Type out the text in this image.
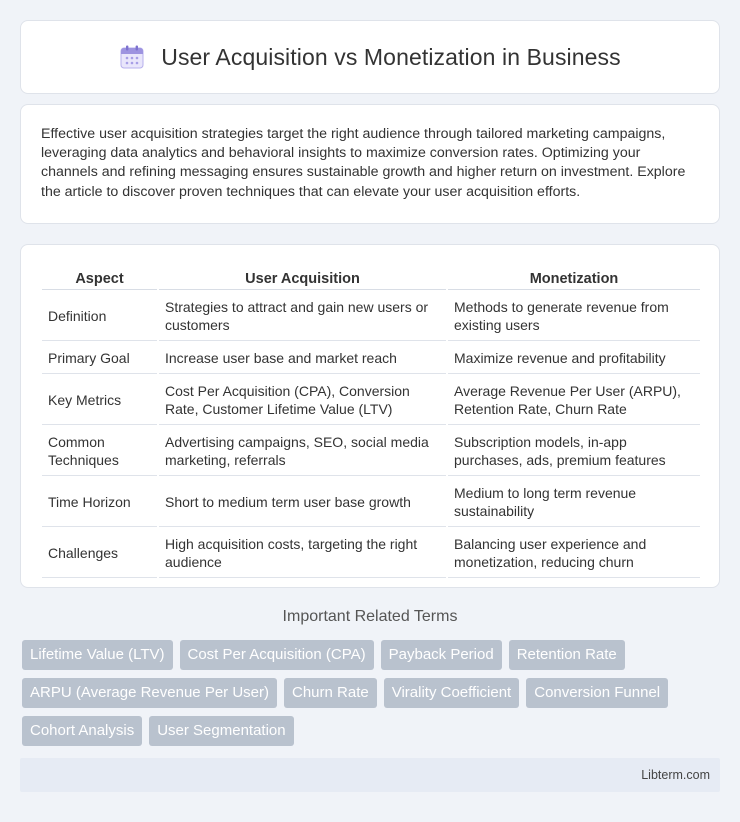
User Acquisition vs Monetization in Business

Effective user acquisition strategies target the right audience through tailored marketing campaigns, leveraging data analytics and behavioral insights to maximize conversion rates. Optimizing your channels and refining messaging ensures sustainable growth and higher return on investment. Explore the article to discover proven techniques that can elevate your user acquisition efforts.

Aspect	User Acquisition	Monetization
Definition	Strategies to attract and gain new users or customers	Methods to generate revenue from existing users
Primary Goal	Increase user base and market reach	Maximize revenue and profitability
Key Metrics	Cost Per Acquisition (CPA), Conversion Rate, Customer Lifetime Value (LTV)	Average Revenue Per User (ARPU), Retention Rate, Churn Rate
Common Techniques	Advertising campaigns, SEO, social media marketing, referrals	Subscription models, in-app purchases, ads, premium features
Time Horizon	Short to medium term user base growth	Medium to long term revenue sustainability
Challenges	High acquisition costs, targeting the right audience	Balancing user experience and monetization, reducing churn
Important Related Terms
Lifetime Value (LTV)	Cost Per Acquisition (CPA)	Payback Period	Retention Rate
ARPU (Average Revenue Per User)	Churn Rate	Virality Coefficient	Conversion Funnel
Cohort Analysis	User Segmentation
Libterm.com
